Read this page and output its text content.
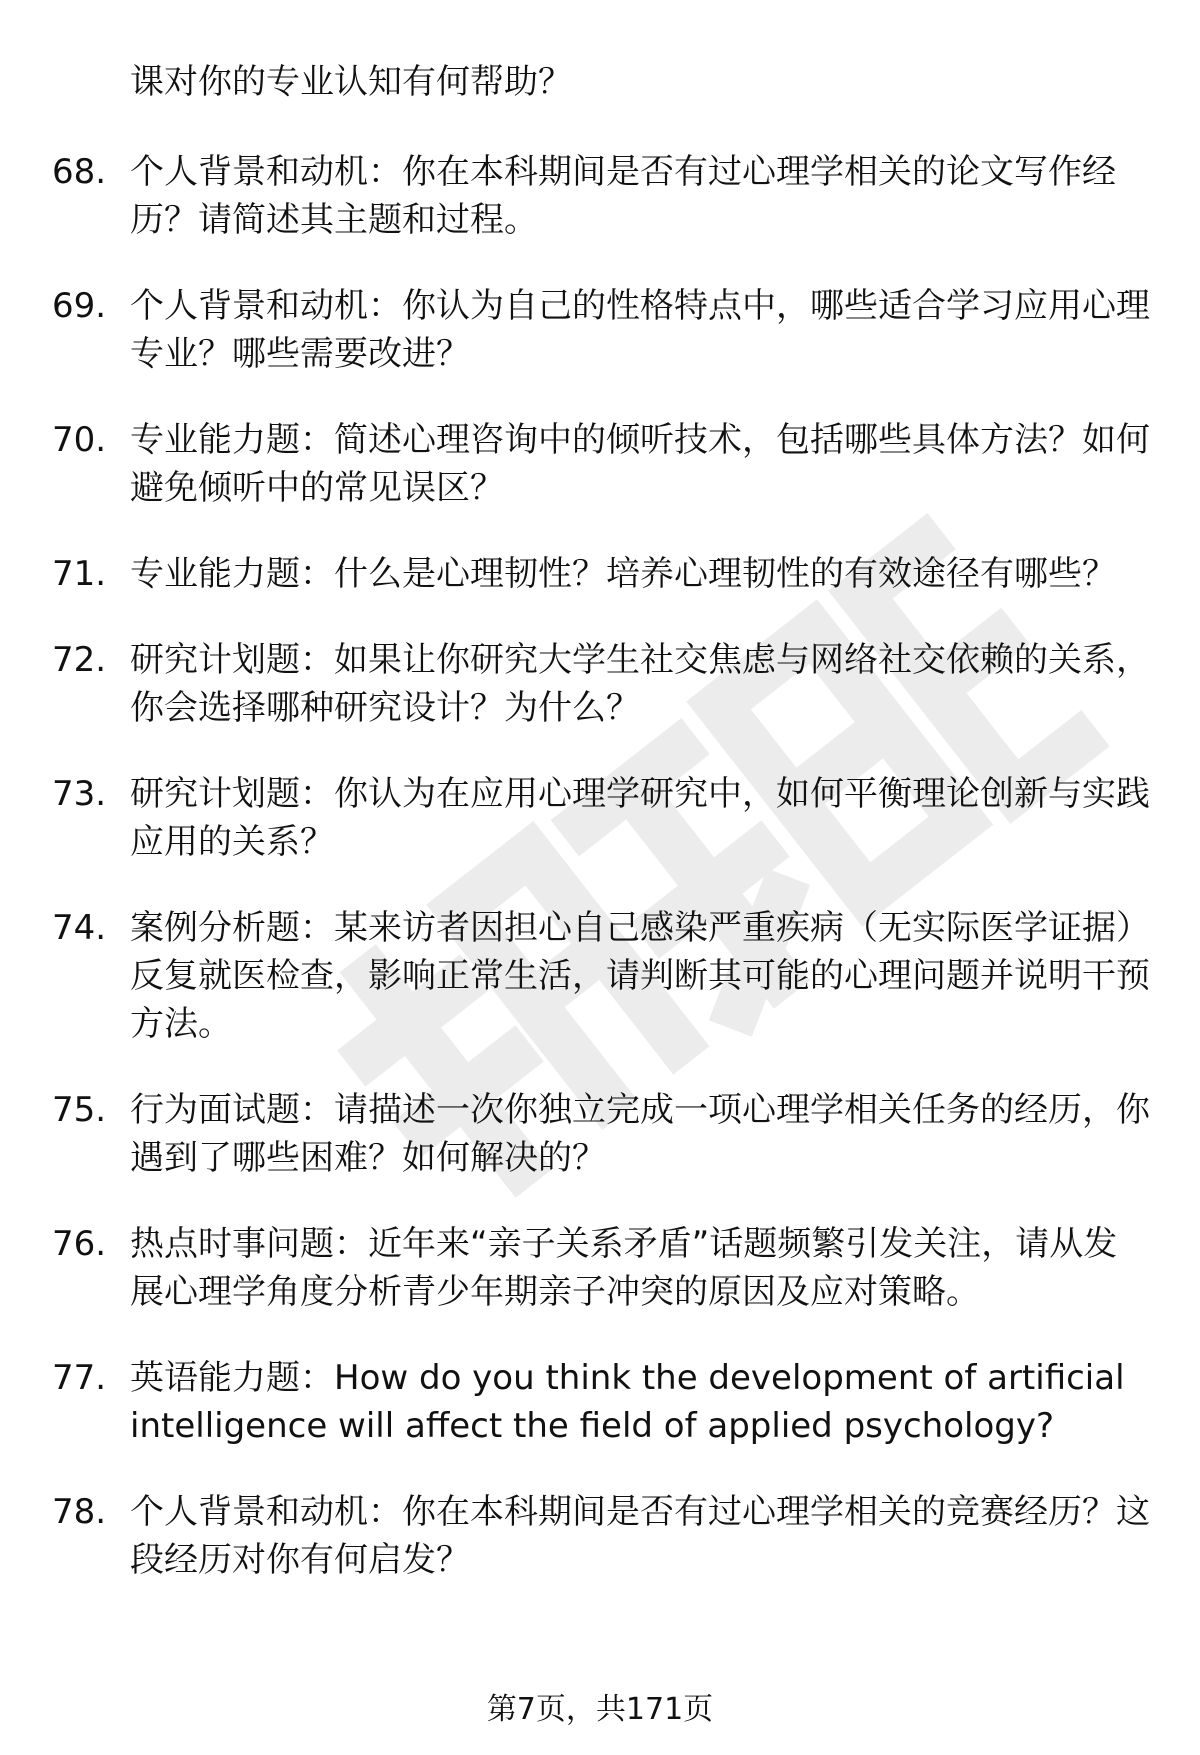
课对你的专业认知有何帮助？
68. 个人背景和动机：你在本科期间是否有过心理学相关的论文写作经历？请简述其主题和过程。
69. 个人背景和动机：你认为自己的性格特点中，哪些适合学习应用心理专业？哪些需要改进？
70. 专业能力题：简述心理咨询中的倾听技术，包括哪些具体方法？如何避免倾听中的常见误区？
71. 专业能力题：什么是心理韧性？培养心理韧性的有效途径有哪些？
72. 研究计划题：如果让你研究大学生社交焦虑与网络社交依赖的关系，你会选择哪种研究设计？为什么？
73. 研究计划题：你认为在应用心理学研究中，如何平衡理论创新与实践应用的关系？
74. 案例分析题：某来访者因担心自己感染严重疾病（无实际医学证据）反复就医检查，影响正常生活，请判断其可能的心理问题并说明干预方法。
75. 行为面试题：请描述一次你独立完成一项心理学相关任务的经历，你遇到了哪些困难？如何解决的？
76. 热点时事问题：近年来“亲子关系矛盾”话题频繁引发关注，请从发展心理学角度分析青少年期亲子冲突的原因及应对策略。
77. 英语能力题：How do you think the development of artificial intelligence will affect the field of applied psychology?
78. 个人背景和动机：你在本科期间是否有过心理学相关的竞赛经历？这段经历对你有何启发？
第7页，共171页
